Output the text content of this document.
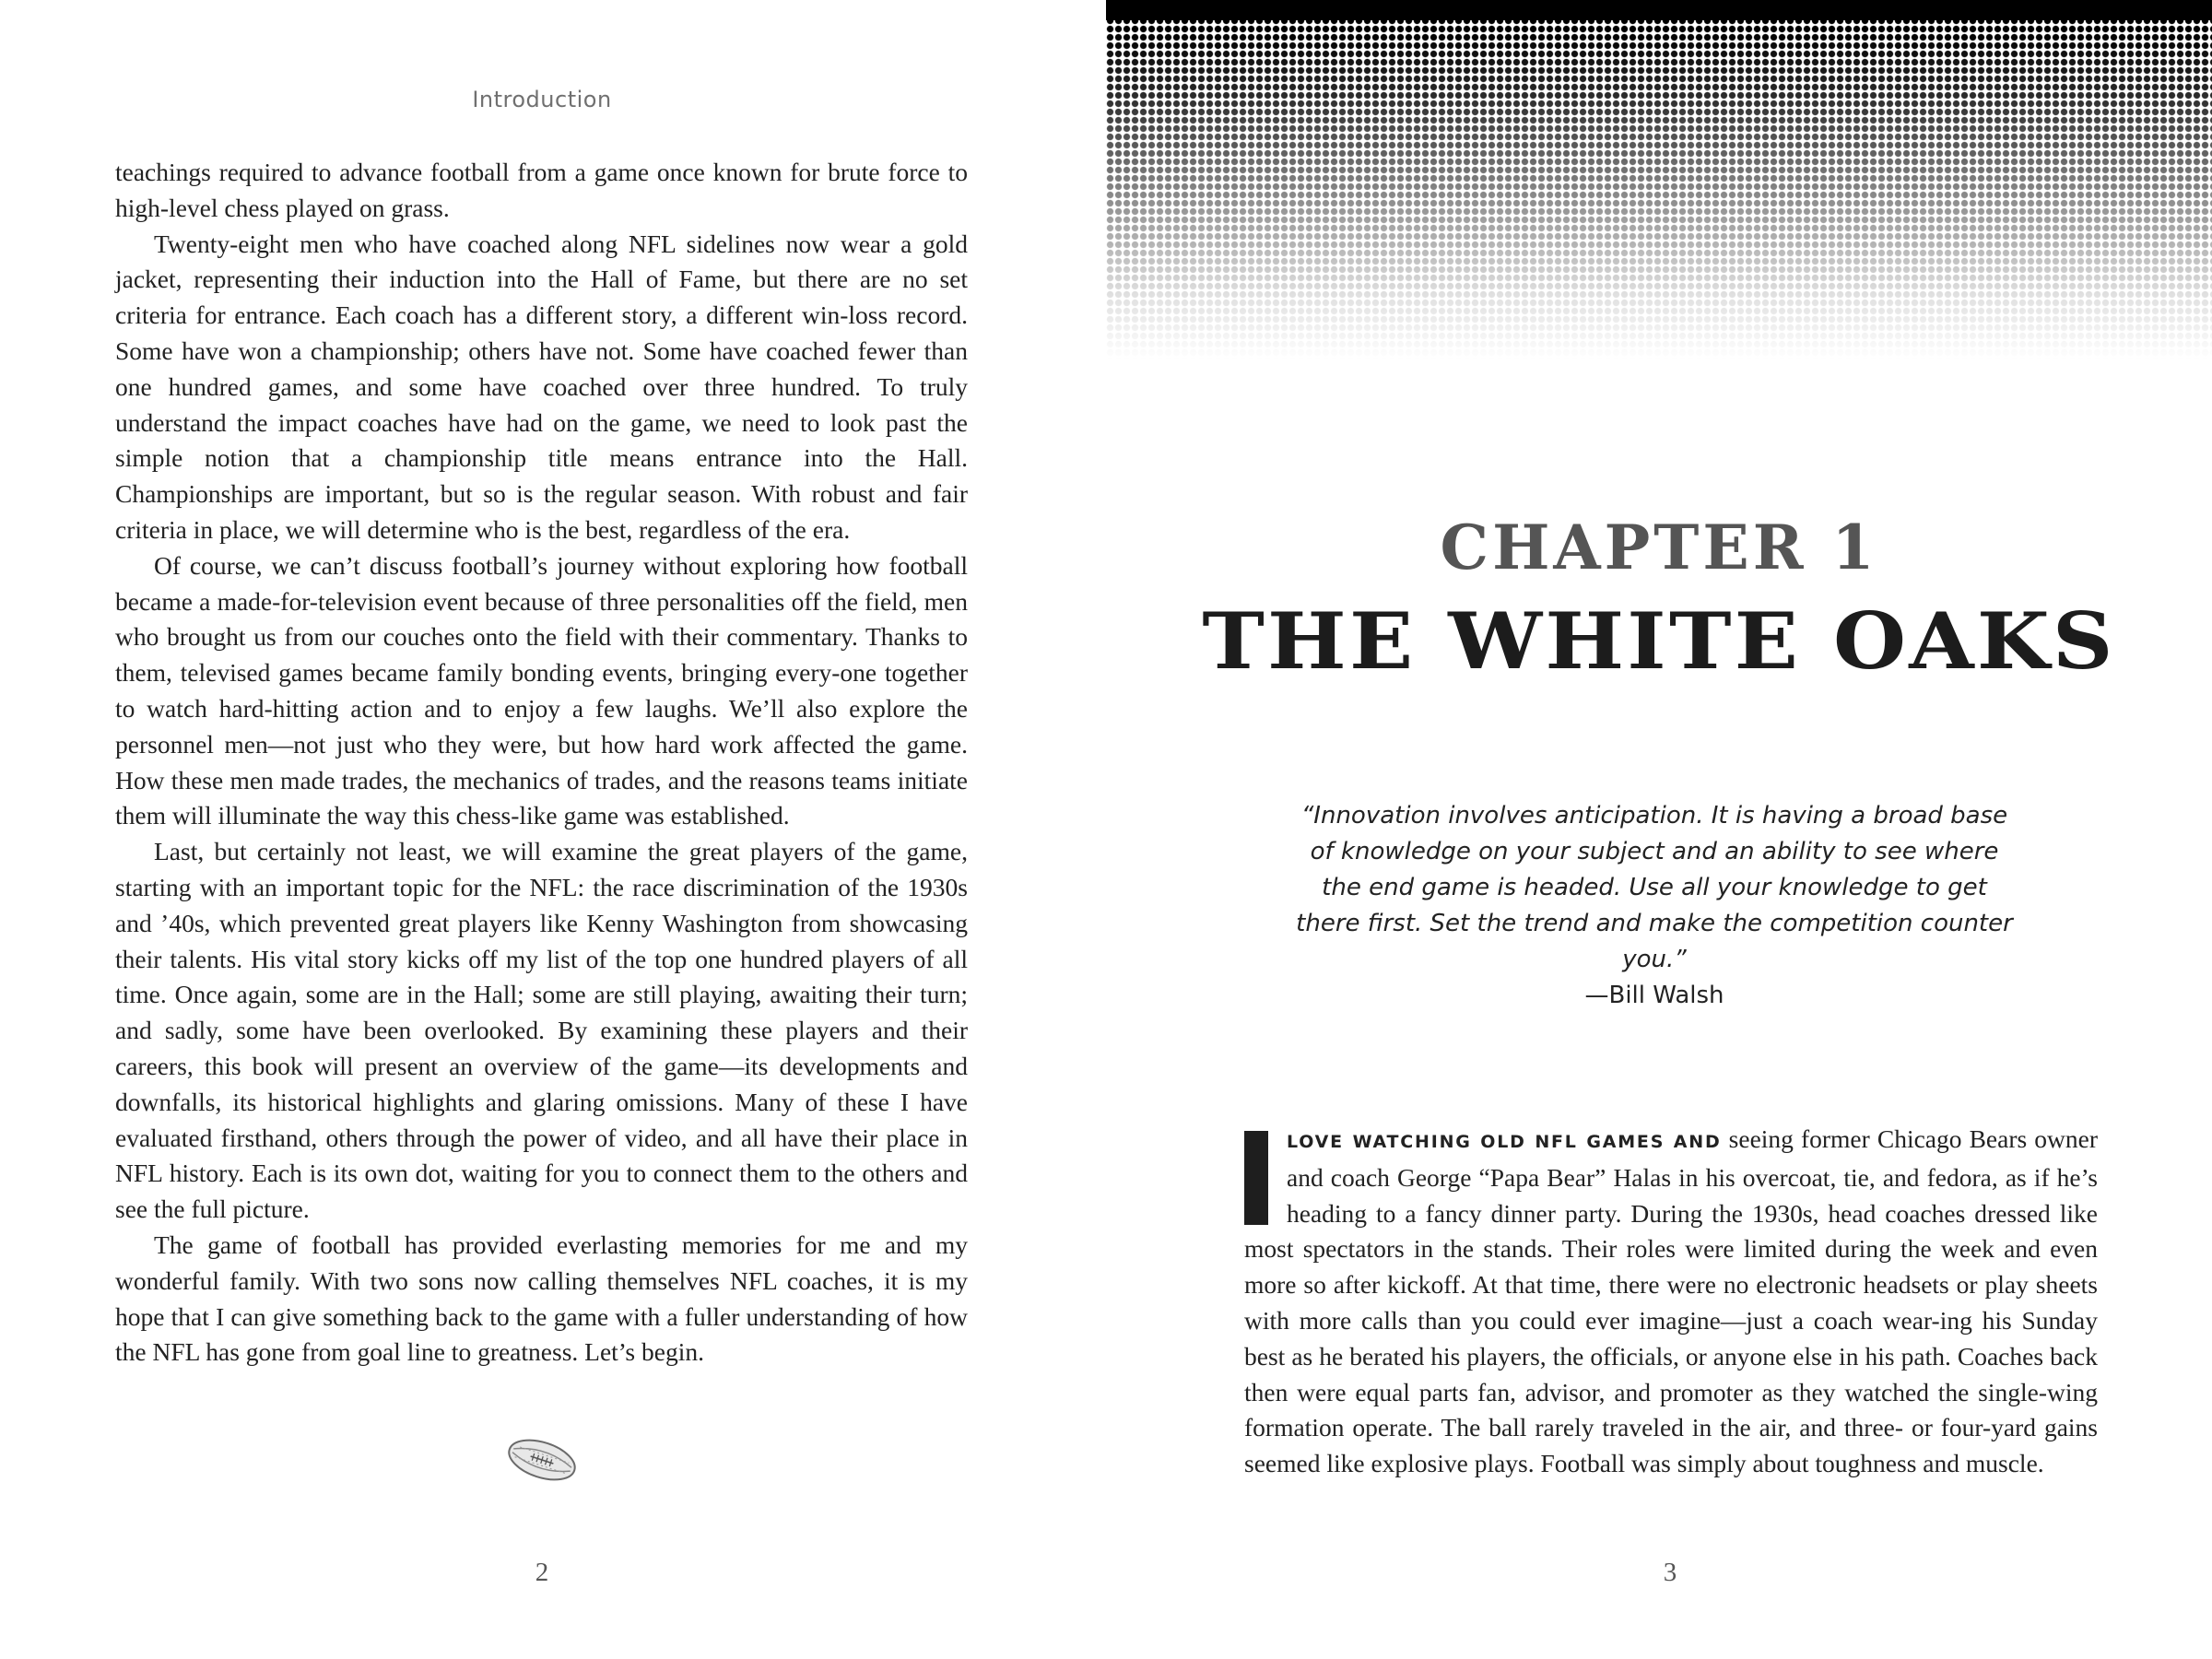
Introduction

teachings required to advance football from a game once known for brute force to high-level chess played on grass.

Twenty-eight men who have coached along NFL sidelines now wear a gold jacket, representing their induction into the Hall of Fame, but there are no set criteria for entrance. Each coach has a different story, a different win-loss record. Some have won a championship; others have not. Some have coached fewer than one hundred games, and some have coached over three hundred. To truly understand the impact coaches have had on the game, we need to look past the simple notion that a championship title means entrance into the Hall. Championships are important, but so is the regular season. With robust and fair criteria in place, we will determine who is the best, regardless of the era.

Of course, we can’t discuss football’s journey without exploring how football became a made-for-television event because of three personalities off the field, men who brought us from our couches onto the field with their commentary. Thanks to them, televised games became family bonding events, bringing every-one together to watch hard-hitting action and to enjoy a few laughs. We’ll also explore the personnel men—not just who they were, but how hard work affected the game. How these men made trades, the mechanics of trades, and the reasons teams initiate them will illuminate the way this chess-like game was established.

Last, but certainly not least, we will examine the great players of the game, starting with an important topic for the NFL: the race discrimination of the 1930s and ’40s, which prevented great players like Kenny Washington from showcasing their talents. His vital story kicks off my list of the top one hundred players of all time. Once again, some are in the Hall; some are still playing, awaiting their turn; and sadly, some have been overlooked. By examining these players and their careers, this book will present an overview of the game—its developments and downfalls, its historical highlights and glaring omissions. Many of these I have evaluated firsthand, others through the power of video, and all have their place in NFL history. Each is its own dot, waiting for you to connect them to the others and see the full picture.

The game of football has provided everlasting memories for me and my wonderful family. With two sons now calling themselves NFL coaches, it is my hope that I can give something back to the game with a fuller understanding of how the NFL has gone from goal line to greatness. Let’s begin.

2
CHAPTER 1
THE WHITE OAKS
“Innovation involves anticipation. It is having a broad base of knowledge on your subject and an ability to see where the end game is headed. Use all your knowledge to get there first. Set the trend and make the competition counter you.”
—Bill Walsh
LOVE WATCHING OLD NFL GAMES AND seeing former Chicago Bears owner and coach George “Papa Bear” Halas in his overcoat, tie, and fedora, as if he’s heading to a fancy dinner party. During the 1930s, head coaches dressed like most spectators in the stands. Their roles were limited during the week and even more so after kickoff. At that time, there were no electronic headsets or play sheets with more calls than you could ever imagine—just a coach wear-ing his Sunday best as he berated his players, the officials, or anyone else in his path. Coaches back then were equal parts fan, advisor, and promoter as they watched the single-wing formation operate. The ball rarely traveled in the air, and three- or four-yard gains seemed like explosive plays. Football was simply about toughness and muscle.
3
